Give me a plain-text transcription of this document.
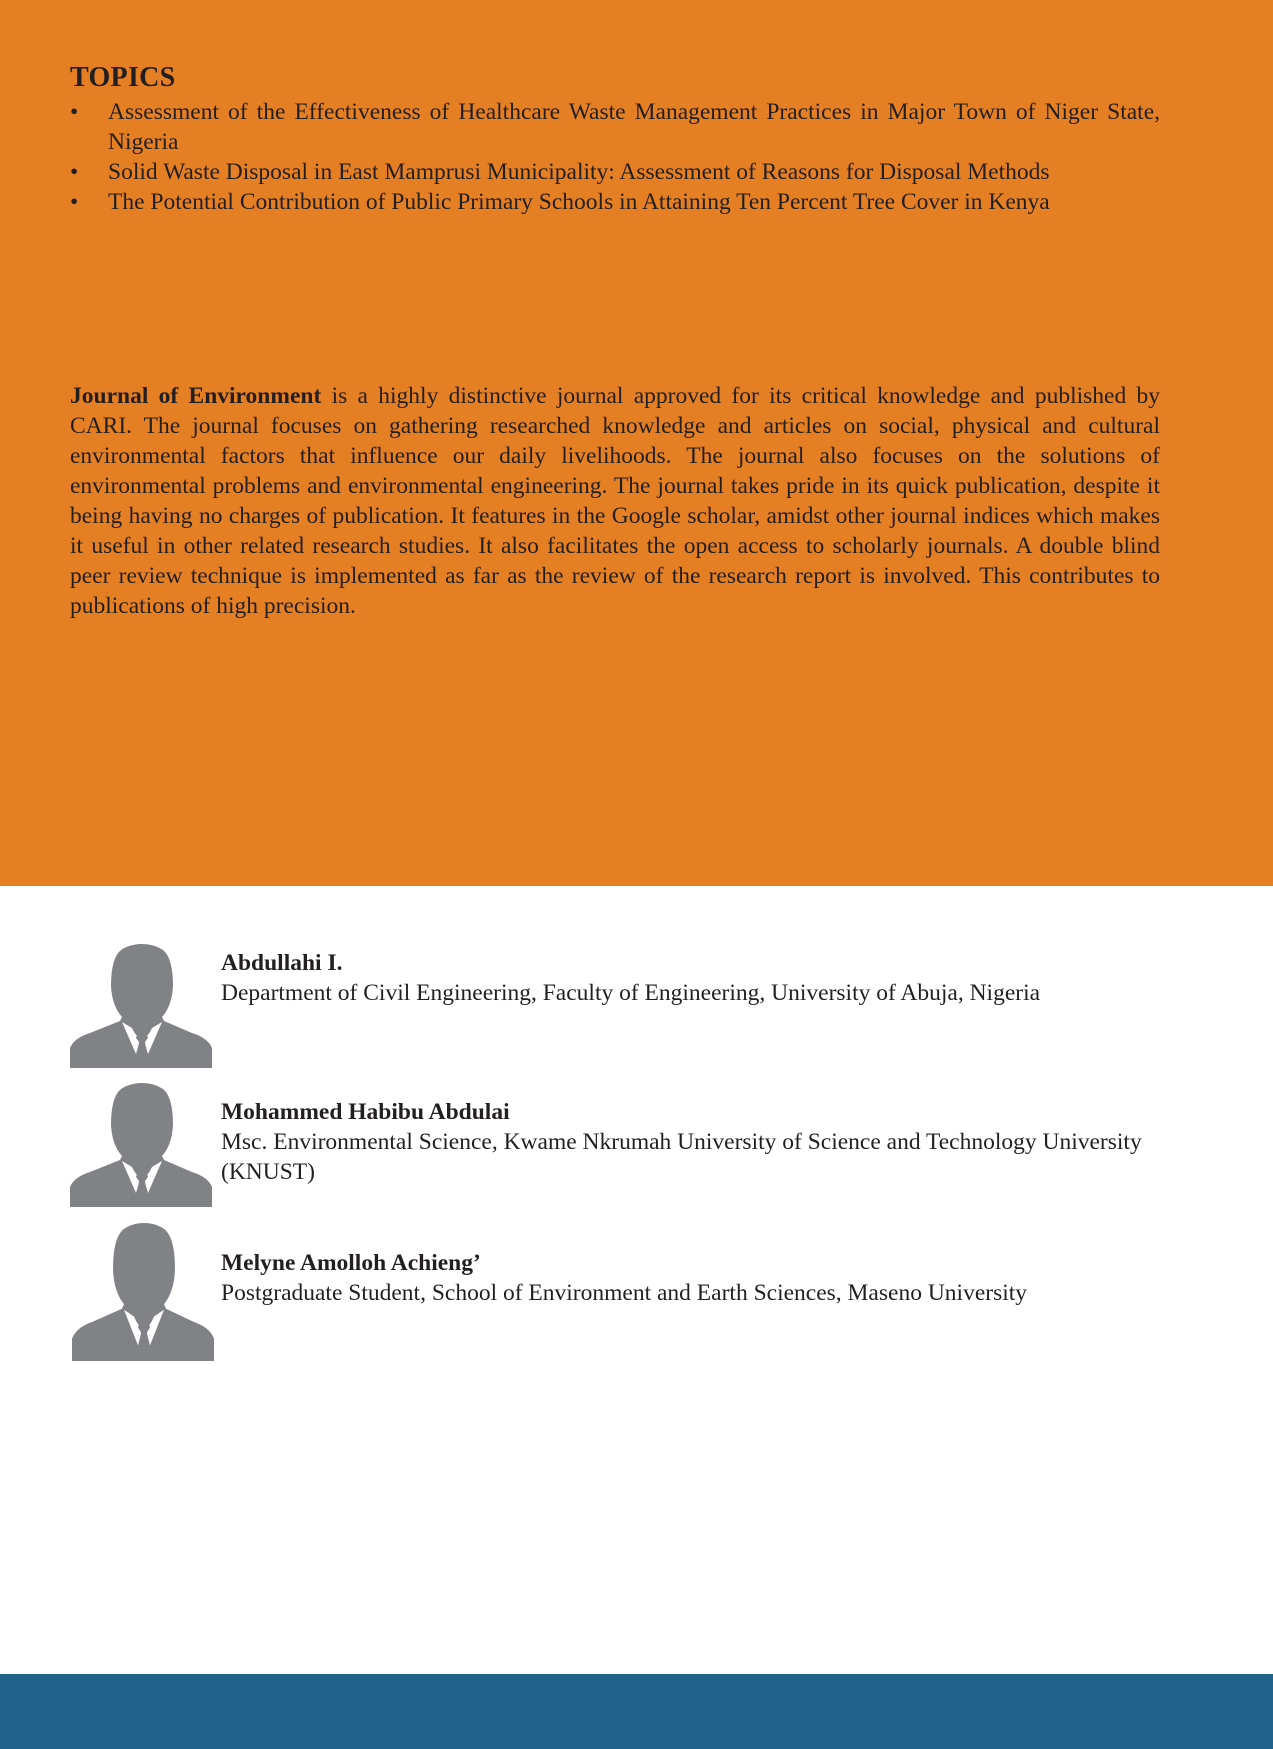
TOPICS
• Assessment of the Effectiveness of Healthcare Waste Management Practices in Major Town of Niger State, Nigeria
• Solid Waste Disposal in East Mamprusi Municipality: Assessment of Reasons for Disposal Methods
• The Potential Contribution of Public Primary Schools in Attaining Ten Percent Tree Cover in Kenya

Journal of Environment is a highly distinctive journal approved for its critical knowledge and published by CARI. The journal focuses on gathering researched knowledge and articles on social, physical and cultural environmental factors that influence our daily livelihoods. The journal also focuses on the solutions of environmental problems and environmental engineering. The journal takes pride in its quick publication, despite it being having no charges of publication. It features in the Google scholar, amidst other journal indices which makes it useful in other related research studies. It also facilitates the open access to scholarly journals. A double blind peer review technique is implemented as far as the review of the research report is involved. This contributes to publications of high precision.

Abdullahi I.
Department of Civil Engineering, Faculty of Engineering, University of Abuja, Nigeria
Mohammed Habibu Abdulai
Msc. Environmental Science, Kwame Nkrumah University of Science and Technology University (KNUST)
Melyne Amolloh Achieng’
Postgraduate Student, School of Environment and Earth Sciences, Maseno University
